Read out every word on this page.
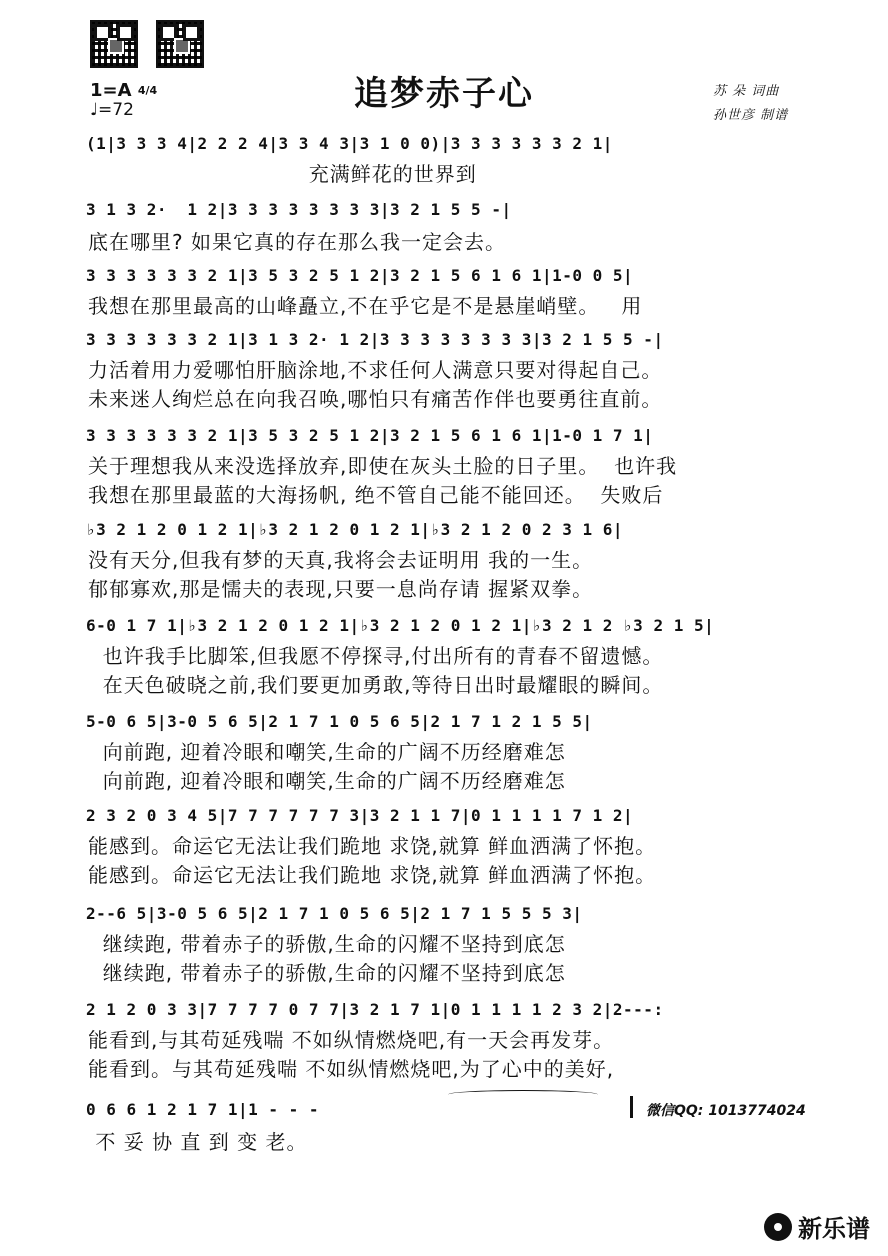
追梦赤子心
1=A 4/4
♩=72
苏 朵 词曲
孙世彦 制谱
(1|3 3 3 4|2 2 2 4|3 3 4 3|3 1 0 0)|3 3 3 3 3 3 2 1|
充满鲜花的世界到
3 1 3 2·  1 2|3 3 3 3 3 3 3 3|3 2 1 5 5 -|
底在哪里? 如果它真的存在那么我一定会去。
3 3 3 3 3 3 2 1|3 5 3 2 5 1 2|3 2 1 5 6 1 6 1|1-0 0 5|
我想在那里最高的山峰矗立,不在乎它是不是悬崖峭壁。   用
3 3 3 3 3 3 2 1|3 1 3 2· 1 2|3 3 3 3 3 3 3 3|3 2 1 5 5 -|
力活着用力爱哪怕肝脑涂地,不求任何人满意只要对得起自己。
未来迷人绚烂总在向我召唤,哪怕只有痛苦作伴也要勇往直前。
3 3 3 3 3 3 2 1|3 5 3 2 5 1 2|3 2 1 5 6 1 6 1|1-0 1 7 1|
关于理想我从来没选择放弃,即使在灰头土脸的日子里。  也许我
我想在那里最蓝的大海扬帆, 绝不管自己能不能回还。  失败后
♭3 2 1 2 0 1 2 1|♭3 2 1 2 0 1 2 1|♭3 2 1 2 0 2 3 1 6|
没有天分,但我有梦的天真,我将会去证明用 我的一生。
郁郁寡欢,那是懦夫的表现,只要一息尚存请 握紧双拳。
6-0 1 7 1|♭3 2 1 2 0 1 2 1|♭3 2 1 2 0 1 2 1|♭3 2 1 2 ♭3 2 1 5|
也许我手比脚笨,但我愿不停探寻,付出所有的青春不留遗憾。
在天色破晓之前,我们要更加勇敢,等待日出时最耀眼的瞬间。
5-0 6 5|3-0 5 6 5|2 1 7 1 0 5 6 5|2 1 7 1 2 1 5 5|
向前跑, 迎着冷眼和嘲笑,生命的广阔不历经磨难怎
向前跑, 迎着冷眼和嘲笑,生命的广阔不历经磨难怎
2 3 2 0 3 4 5|7 7 7 7 7 7 3|3 2 1 1 7|0 1 1 1 1 7 1 2|
能感到。命运它无法让我们跪地 求饶,就算 鲜血洒满了怀抱。
能感到。命运它无法让我们跪地 求饶,就算 鲜血洒满了怀抱。
2--6 5|3-0 5 6 5|2 1 7 1 0 5 6 5|2 1 7 1 5 5 5 3|
继续跑, 带着赤子的骄傲,生命的闪耀不坚持到底怎
继续跑, 带着赤子的骄傲,生命的闪耀不坚持到底怎
2 1 2 0 3 3|7 7 7 7 0 7 7|3 2 1 7 1|0 1 1 1 1 2 3 2|2---:
能看到,与其苟延残喘 不如纵情燃烧吧,有一天会再发芽。
能看到。与其苟延残喘 不如纵情燃烧吧,为了心中的美好,
0 6 6 1 2 1 7 1|1 - - -
不 妥 协 直 到 变 老。
微信QQ: 1013774024
新乐谱
